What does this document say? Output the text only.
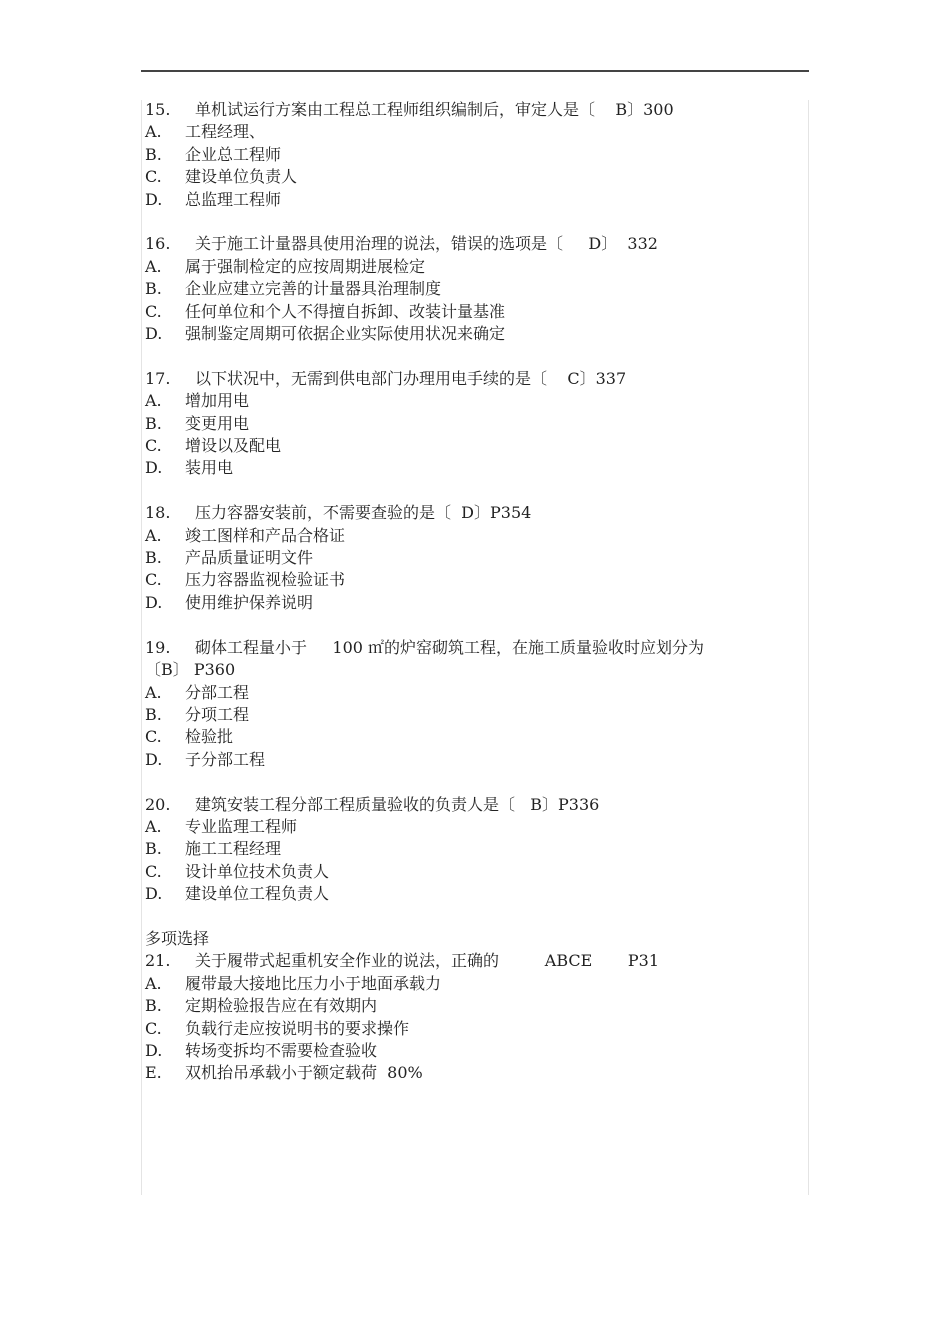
15.	单机试运行方案由工程总工程师组织编制后，审定人是〔    B〕300
A.	工程经理、
B.	企业总工程师
C.	建设单位负责人
D.	总监理工程师
16.	关于施工计量器具使用治理的说法，错误的选项是〔     D〕  332
A.	属于强制检定的应按周期进展检定
B.	企业应建立完善的计量器具治理制度
C.	任何单位和个人不得擅自拆卸、改装计量基准
D.	强制鉴定周期可依据企业实际使用状况来确定
17.	以下状况中，无需到供电部门办理用电手续的是〔    C〕337
A.	增加用电
B.	变更用电
C.	增设以及配电
D.	装用电
18.	压力容器安装前，不需要查验的是〔  D〕P354
A.	竣工图样和产品合格证
B.	产品质量证明文件
C.	压力容器监视检验证书
D.	使用维护保养说明
19.	砌体工程量小于     100 ㎡的炉窑砌筑工程，在施工质量验收时应划分为
〔B〕 P360
A.	分部工程
B.	分项工程
C.	检验批
D.	子分部工程
20.	建筑安装工程分部工程质量验收的负责人是〔   B〕P336
A.	专业监理工程师
B.	施工工程经理
C.	设计单位技术负责人
D.	建设单位工程负责人
多项选择
21.	关于履带式起重机安全作业的说法，正确的         ABCE       P31
A.	履带最大接地比压力小于地面承载力
B.	定期检验报告应在有效期内
C.	负载行走应按说明书的要求操作
D.	转场变拆均不需要检查验收
E.	双机抬吊承载小于额定载荷  80%
